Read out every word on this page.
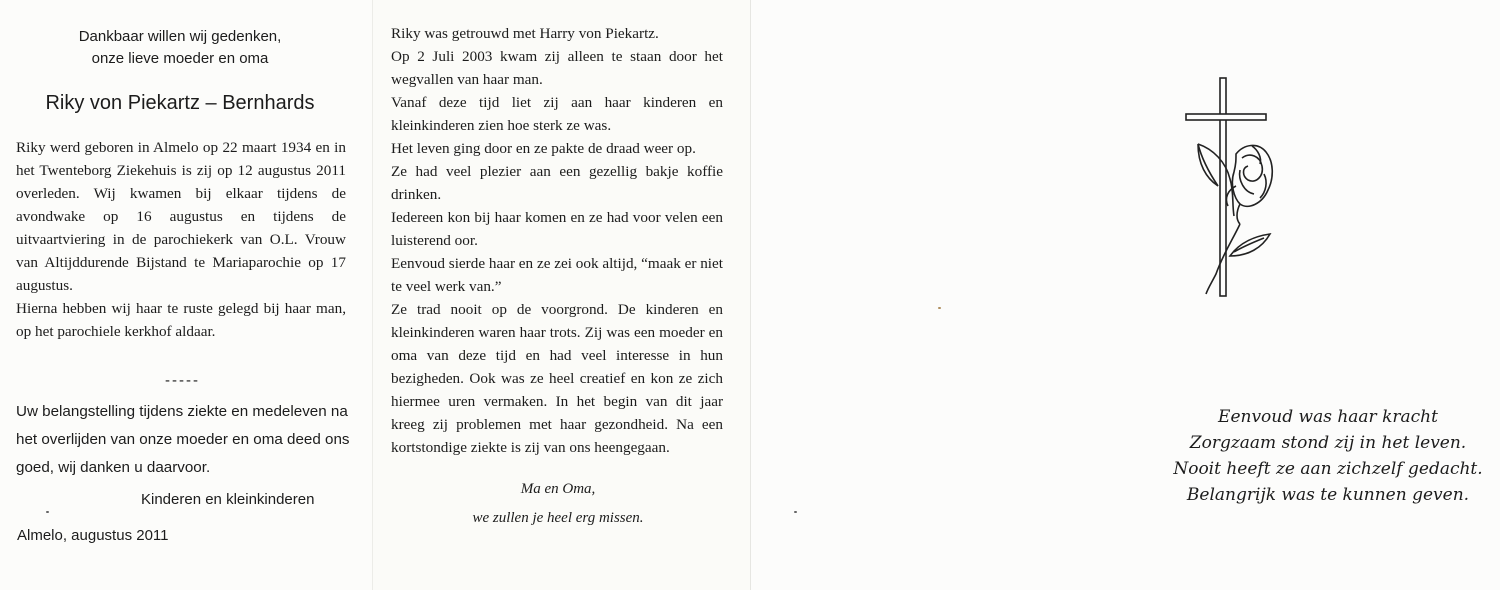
Dankbaar willen wij gedenken,
onze lieve moeder en oma
Riky von Piekartz – Bernhards

Riky werd geboren in Almelo op 22 maart 1934 en in het Twenteborg Ziekehuis is zij op 12 augustus 2011 overleden. Wij kwamen bij elkaar tijdens de avondwake op 16 augustus en tijdens de uitvaartviering in de parochiekerk van O.L. Vrouw van Altijddurende Bijstand te Mariaparochie op 17 augustus.

Hierna hebben wij haar te ruste gelegd bij haar man, op het parochiele kerkhof aldaar.

-----

Uw belangstelling tijdens ziekte en medeleven na het overlijden van onze moeder en oma deed ons goed, wij danken u daarvoor.

Kinderen en kleinkinderen
Almelo, augustus 2011

Riky was getrouwd met Harry von Piekartz.

Op 2 Juli 2003 kwam zij alleen te staan door het wegvallen van haar man.

Vanaf deze tijd liet zij aan haar kinderen en kleinkinderen zien hoe sterk ze was.

Het leven ging door en ze pakte de draad weer op.

Ze had veel plezier aan een gezellig bakje koffie drinken.

Iedereen kon bij haar komen en ze had voor velen een luisterend oor.

Eenvoud sierde haar en ze zei ook altijd, “maak er niet te veel werk van.”

Ze trad nooit op de voorgrond. De kinderen en kleinkinderen waren haar trots. Zij was een moeder en oma van deze tijd en had veel interesse in hun bezigheden. Ook was ze heel creatief en kon ze zich hiermee uren vermaken. In het begin van dit jaar kreeg zij problemen met haar gezondheid. Na een kortstondige ziekte is zij van ons heengegaan.

Ma en Oma,
we zullen je heel erg missen.
Eenvoud was haar kracht
Zorgzaam stond zij in het leven.
Nooit heeft ze aan zichzelf gedacht.
Belangrijk was te kunnen geven.
